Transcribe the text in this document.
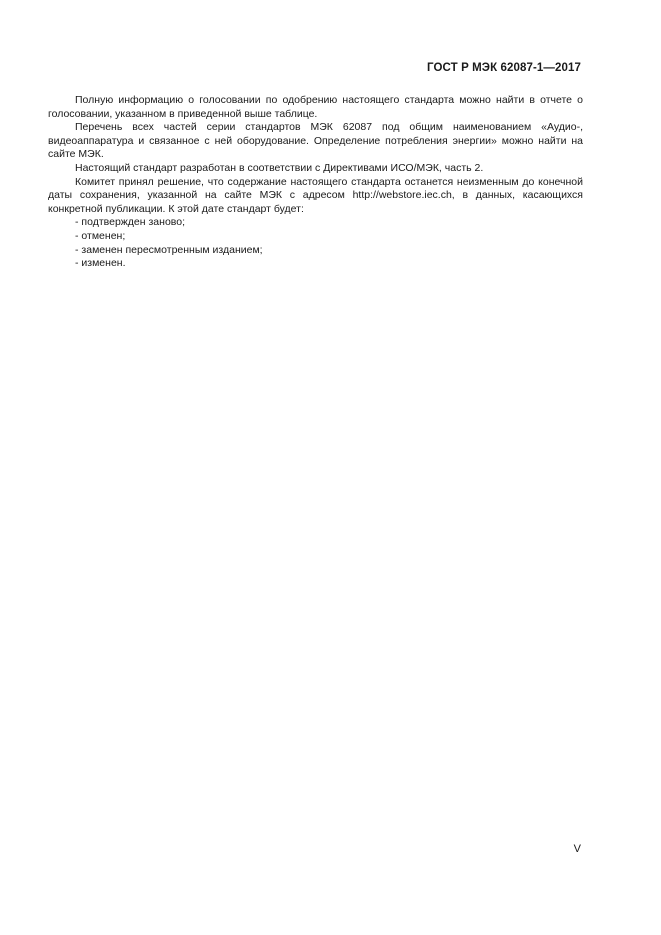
ГОСТ Р МЭК 62087-1—2017

Полную информацию о голосовании по одобрению настоящего стандарта можно найти в отчете о голосовании, указанном в приведенной выше таблице.

Перечень всех частей серии стандартов МЭК 62087 под общим наименованием «Аудио-, видеоаппаратура и связанное с ней оборудование. Определение потребления энергии» можно найти на сайте МЭК.

Настоящий стандарт разработан в соответствии с Директивами ИСО/МЭК, часть 2.

Комитет принял решение, что содержание настоящего стандарта останется неизменным до конечной даты сохранения, указанной на сайте МЭК с адресом http://webstore.iec.ch, в данных, касающихся конкретной публикации. К этой дате стандарт будет:

- подтвержден заново;
- отменен;
- заменен пересмотренным изданием;
- изменен.
V
